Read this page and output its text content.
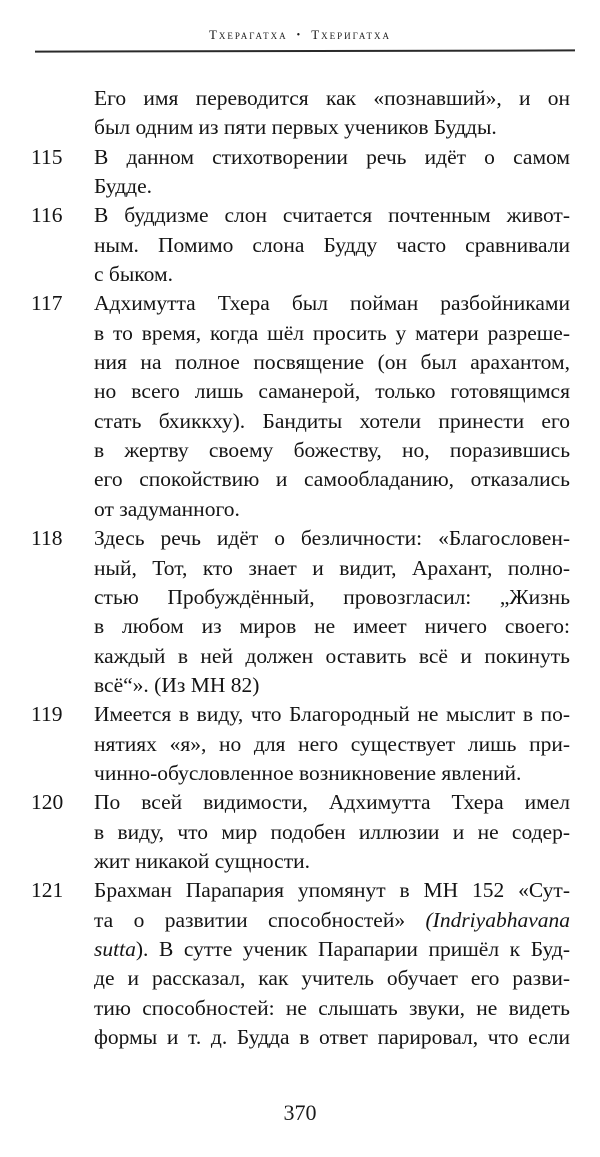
Тхерагатха • Тхеригатха
Его имя переводится как «познавший», и он
был одним из пяти первых учеников Будды.
115 В данном стихотворении речь идёт о самом
Будде.
116 В буддизме слон считается почтенным живот-
ным. Помимо слона Будду часто сравнивали
с быком.
117 Адхимутта Тхера был пойман разбойниками
в то время, когда шёл просить у матери разреше-
ния на полное посвящение (он был арахантом,
но всего лишь саманерой, только готовящимся
стать бхиккху). Бандиты хотели принести его
в жертву своему божеству, но, поразившись
его спокойствию и самообладанию, отказались
от задуманного.
118 Здесь речь идёт о безличности: «Благословен-
ный, Тот, кто знает и видит, Арахант, полно-
стью Пробуждённый, провозгласил: „Жизнь
в любом из миров не имеет ничего своего:
каждый в ней должен оставить всё и покинуть
всё“». (Из МН 82)
119 Имеется в виду, что Благородный не мыслит в по-
нятиях «я», но для него существует лишь при-
чинно-обусловленное возникновение явлений.
120 По всей видимости, Адхимутта Тхера имел
в виду, что мир подобен иллюзии и не содер-
жит никакой сущности.
121 Брахман Парапария упомянут в МН 152 «Сут-
та о развитии способностей» (Indriyabhavana
sutta). В сутте ученик Парапарии пришёл к Буд-
де и рассказал, как учитель обучает его разви-
тию способностей: не слышать звуки, не видеть
формы и т. д. Будда в ответ парировал, что если
370
